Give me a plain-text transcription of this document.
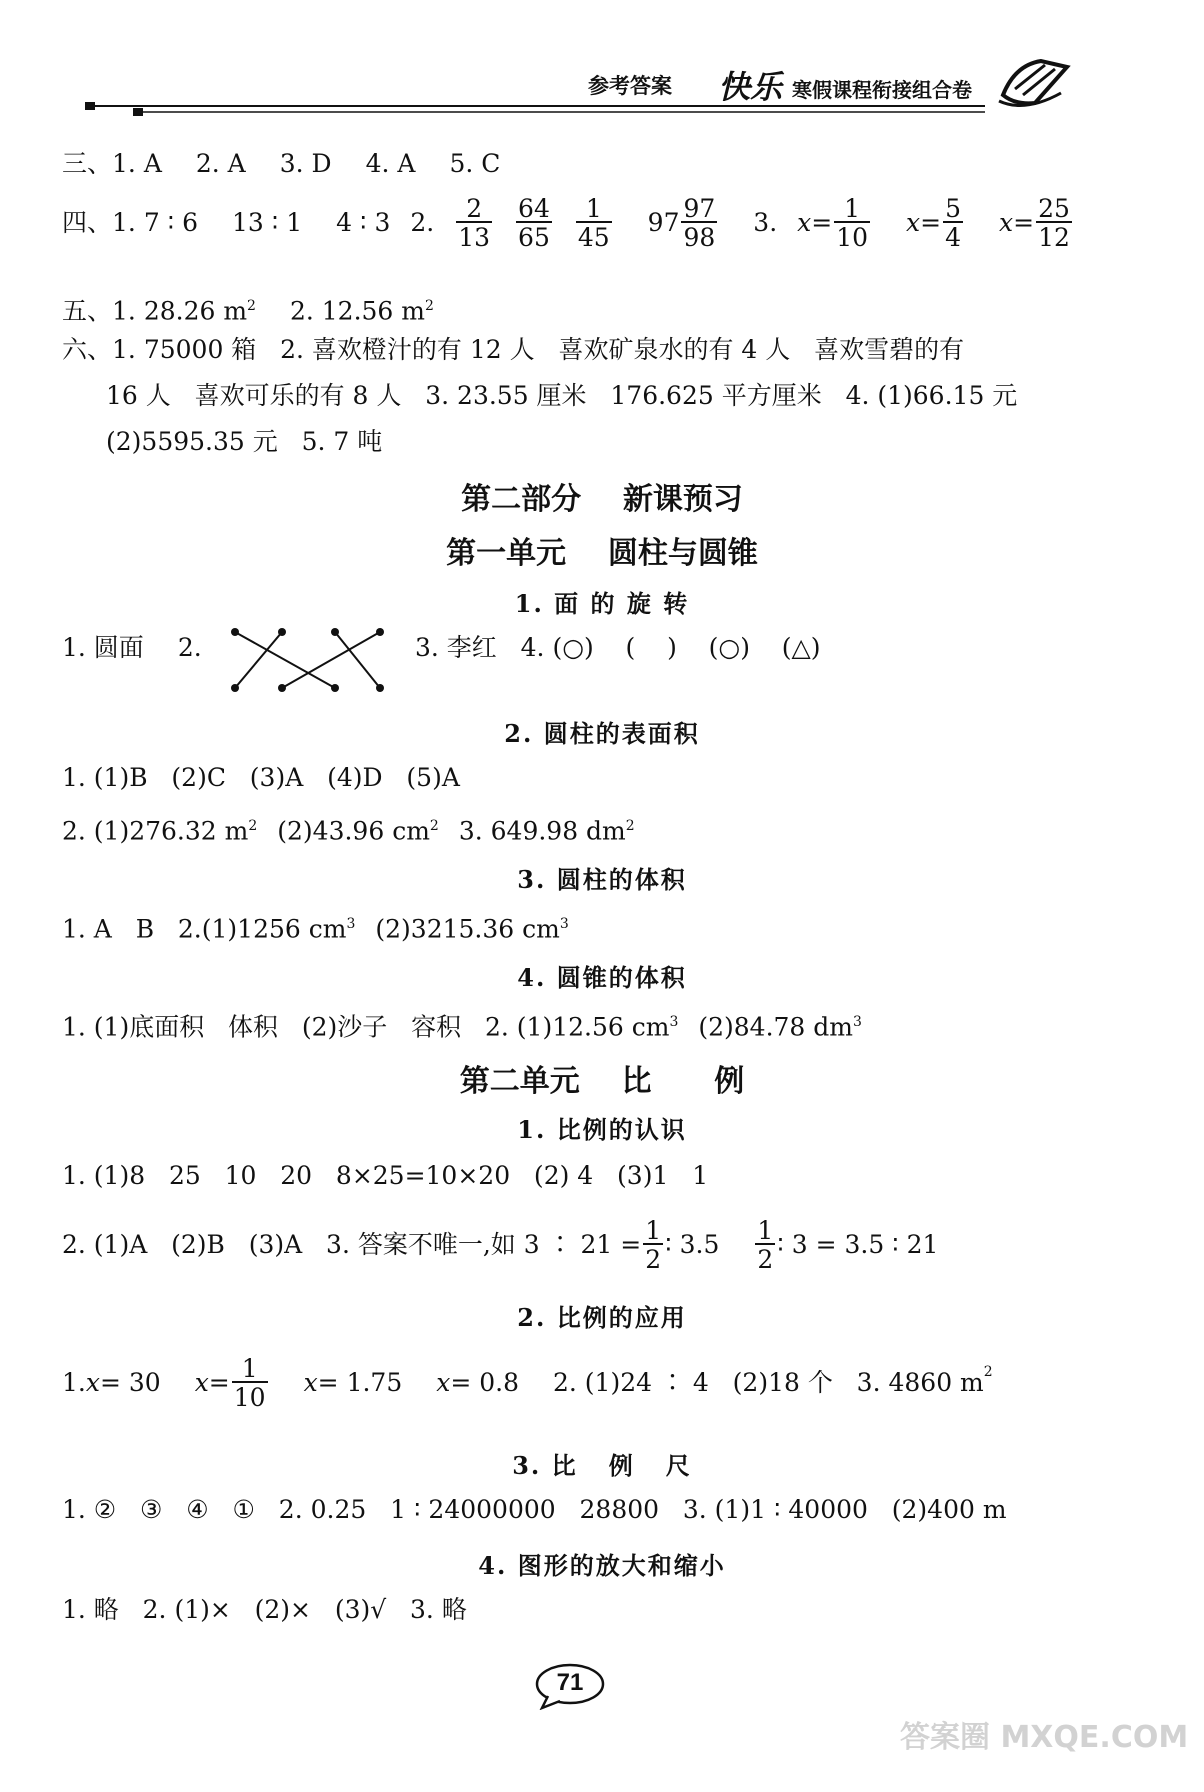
参考答案 快乐 寒假课程衔接组合卷
三、1. A 2. A 3. D 4. A 5. C
四、 1. 7 ∶ 6 13 ∶ 1 4 ∶ 3 2. $\frac{2}{13} \frac{64}{65} \frac{1}{45} 97 \frac{97}{98} 3$. $x = \frac{1}{10}$ $x = \frac{5}{4}$ $x = \frac{25}{12}$
五、1. 28.26 $m^2$ 2. 12.56 $m^2$
六、1. 75000 箱   2. 喜欢橙汁的有 12 人   喜欢矿泉水的有 4 人   喜欢雪碧的有
16 人   喜欢可乐的有 8 人   3. 23.55 厘米   176.625 平方厘米   4. (1)66.15 元
(2)5595.35 元   5. 7 吨
第二部分    新课预习
第一单元    圆柱与圆锥
1. 面 的 旋 转
1. 圆面 2.	3. 李红   4. (○)    (    )    (○)    (△)
2. 圆柱的表面积
1. (1)B   (2)C   (3)A   (4)D   (5)A
2. (1)276.32 $m^2$ (2)43.96 $cm^2$ 3. 649.98 $dm^2$
3. 圆柱的体积
1. A   B   2.(1)1256 $cm^3$ (2)3215.36 $cm^3$
4. 圆锥的体积
1. (1)底面积   体积   (2)沙子   容积   2. (1)12.56 $cm^3$ (2)84.78 $dm^3$
第二单元    比      例
1. 比例的认识
1. (1)8   25   10   20   8×25=10×20   (2) 4   (3)1   1
2. (1)A   (2)B   (3)A   3. 答案不唯一,如 3 ∶ $21 = \frac{1}{2}$ ∶ $3.5 \frac{1}{2}$ ∶ 3 = 3.5 ∶ 21
2. 比例的应用
1. x = 30 $x = \frac{1}{10}$ x = 1.75 x = 0.8 2. (1)24 ∶ 4   (2)18 个   3. 4860 $m^2$
3. 比   例   尺
1. ②   ③   ④   ①   2. 0.25   1 ∶ 24000000   28800   3. (1)1 ∶ 40000   (2)400 m
4. 图形的放大和缩小
1. 略   2. (1)×   (2)×   (3)√   3. 略
71
答案圈 MXQE.COM
